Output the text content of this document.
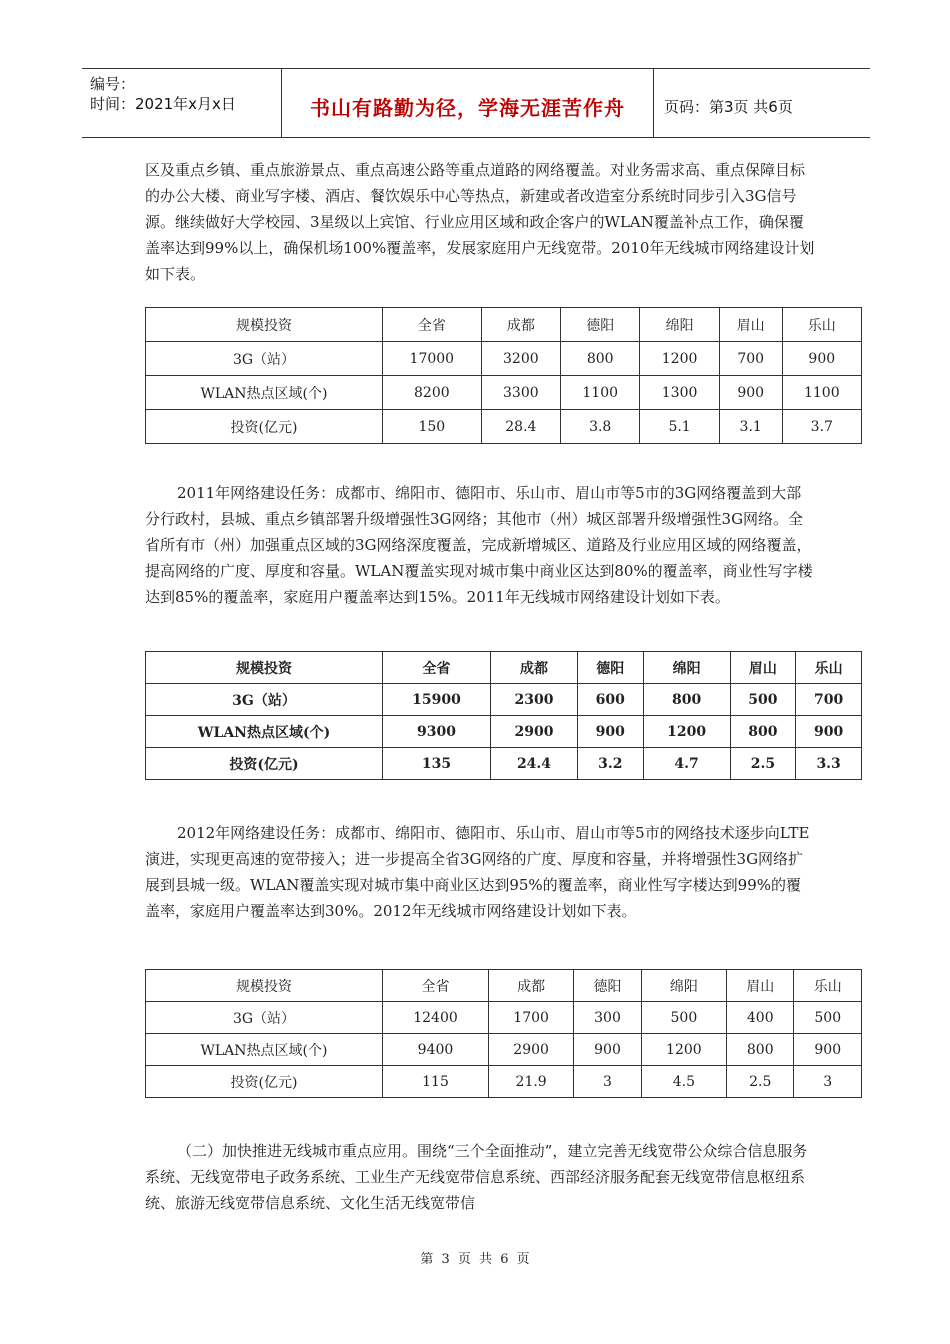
编号：
时间：2021年x月x日	书山有路勤为径，学海无涯苦作舟	页码：第3页 共6页

区及重点乡镇、重点旅游景点、重点高速公路等重点道路的网络覆盖。对业务需求高、重点保障目标的办公大楼、商业写字楼、酒店、餐饮娱乐中心等热点，新建或者改造室分系统时同步引入3G信号源。继续做好大学校园、3星级以上宾馆、行业应用区域和政企客户的WLAN覆盖补点工作，确保覆盖率达到99%以上，确保机场100%覆盖率，发展家庭用户无线宽带。2010年无线城市网络建设计划如下表。

规模投资	全省	成都	德阳	绵阳	眉山	乐山
3G（站）	17000	3200	800	1200	700	900
WLAN热点区域(个)	8200	3300	1100	1300	900	1100
投资(亿元)	150	28.4	3.8	5.1	3.1	3.7

2011年网络建设任务：成都市、绵阳市、德阳市、乐山市、眉山市等5市的3G网络覆盖到大部分行政村，县城、重点乡镇部署升级增强性3G网络；其他市（州）城区部署升级增强性3G网络。全省所有市（州）加强重点区域的3G网络深度覆盖，完成新增城区、道路及行业应用区域的网络覆盖，提高网络的广度、厚度和容量。WLAN覆盖实现对城市集中商业区达到80%的覆盖率，商业性写字楼达到85%的覆盖率，家庭用户覆盖率达到15%。2011年无线城市网络建设计划如下表。

规模投资	全省	成都	德阳	绵阳	眉山	乐山
3G（站）	15900	2300	600	800	500	700
WLAN热点区域(个)	9300	2900	900	1200	800	900
投资(亿元)	135	24.4	3.2	4.7	2.5	3.3

2012年网络建设任务：成都市、绵阳市、德阳市、乐山市、眉山市等5市的网络技术逐步向LTE演进，实现更高速的宽带接入；进一步提高全省3G网络的广度、厚度和容量，并将增强性3G网络扩展到县城一级。WLAN覆盖实现对城市集中商业区达到95%的覆盖率，商业性写字楼达到99%的覆盖率，家庭用户覆盖率达到30%。2012年无线城市网络建设计划如下表。

规模投资	全省	成都	德阳	绵阳	眉山	乐山
3G（站）	12400	1700	300	500	400	500
WLAN热点区域(个)	9400	2900	900	1200	800	900
投资(亿元)	115	21.9	3	4.5	2.5	3

（二）加快推进无线城市重点应用。围绕“三个全面推动”，建立完善无线宽带公众综合信息服务系统、无线宽带电子政务系统、工业生产无线宽带信息系统、西部经济服务配套无线宽带信息枢纽系统、旅游无线宽带信息系统、文化生活无线宽带信

第 3 页 共 6 页
